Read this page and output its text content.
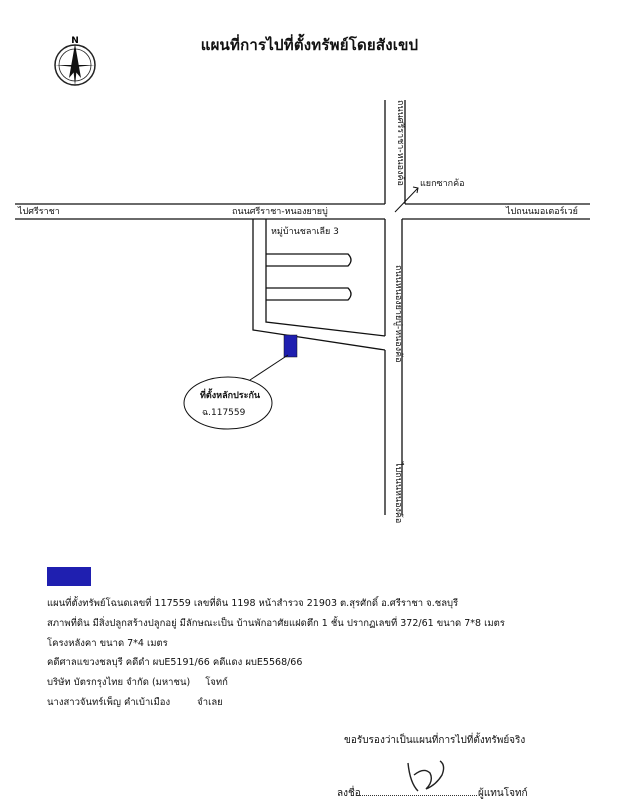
แผนที่การไปที่ตั้งทรัพย์โดยสังเขป
N
ไปศรีราชา	ไปถนนมอเตอร์เวย์
ถนนศรีราชา-หนองยายบู่
แยกซากค้อ
หมู่บ้านชลาเลีย 3
ถนนศรีราชา-หนองค้อ
ถนนหนองยายบู่-หนองค้อ
ไปถนนหนองค้อ
ที่ตั้งหลักประกัน
ฉ.117559
แผนที่ตั้งทรัพย์โฉนดเลขที่ 117559 เลขที่ดิน 1198 หน้าสำรวจ 21903 ต.สุรศักดิ์ อ.ศรีราชา จ.ชลบุรี
สภาพที่ดิน มีสิ่งปลูกสร้างปลูกอยู่ มีลักษณะเป็น บ้านพักอาศัยแฝดตึก 1 ชั้น ปรากฏเลขที่ 372/61 ขนาด 7*8 เมตร
โครงหลังคา ขนาด 7*4 เมตร
คดีศาลแขวงชลบุรี คดีดำ ผบE5191/66 คดีแดง ผบE5568/66
บริษัท บัตรกรุงไทย จำกัด (มหาชน) โจทก์
นางสาวจันทร์เพ็ญ คำเบ้าเมือง	จำเลย
ขอรับรองว่าเป็นแผนที่การไปที่ตั้งทรัพย์จริง
ลงชื่อ	ผู้แทนโจทก์
